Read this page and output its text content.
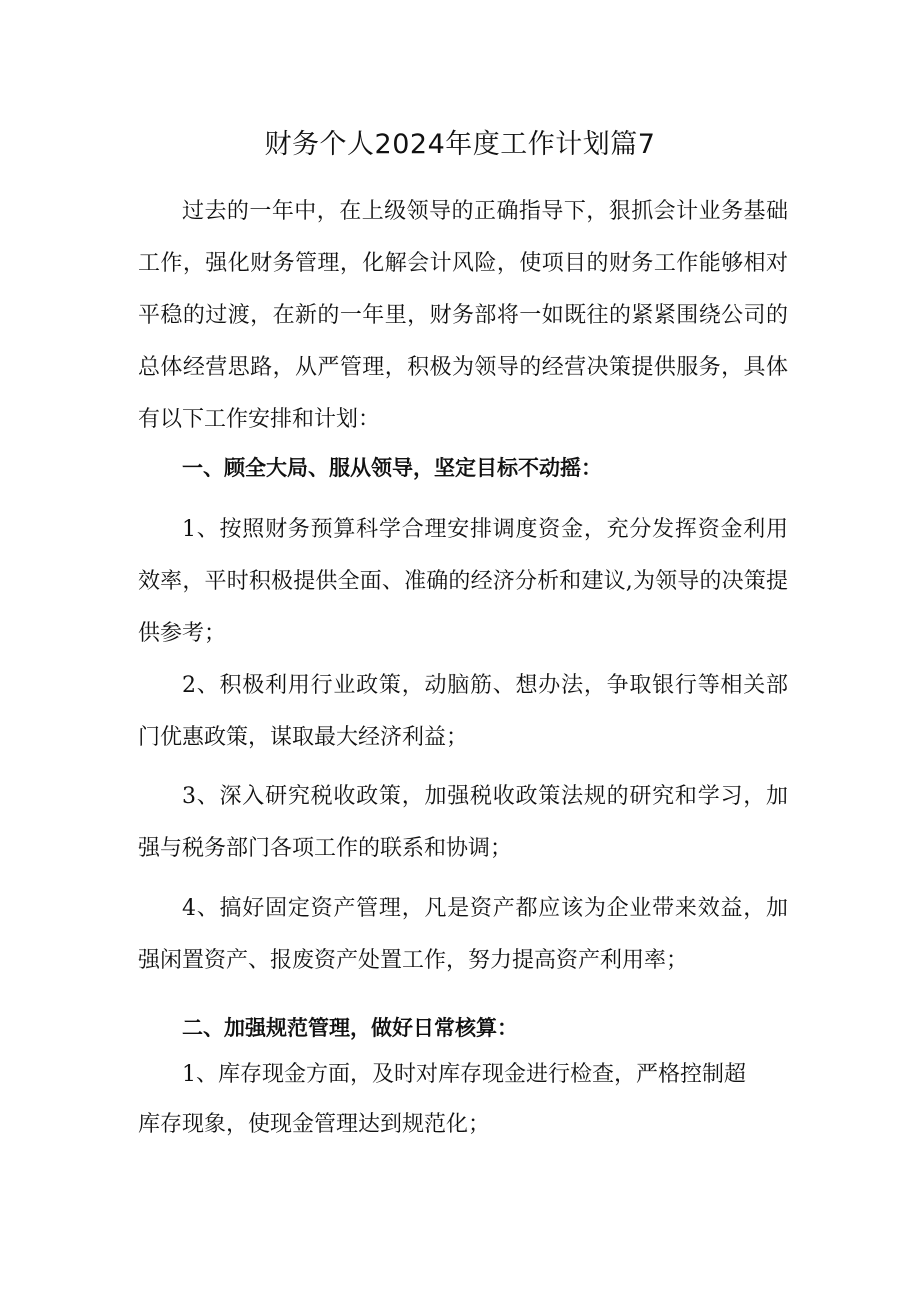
财务个人2024年度工作计划篇7

过去的一年中，在上级领导的正确指导下，狠抓会计业务基础工作，强化财务管理，化解会计风险，使项目的财务工作能够相对平稳的过渡，在新的一年里，财务部将一如既往的紧紧围绕公司的总体经营思路，从严管理，积极为领导的经营决策提供服务，具体有以下工作安排和计划：

一、顾全大局、服从领导，坚定目标不动摇：

1、按照财务预算科学合理安排调度资金，充分发挥资金利用效率，平时积极提供全面、准确的经济分析和建议,为领导的决策提供参考；

2、积极利用行业政策，动脑筋、想办法，争取银行等相关部门优惠政策，谋取最大经济利益；

3、深入研究税收政策，加强税收政策法规的研究和学习，加强与税务部门各项工作的联系和协调；

4、搞好固定资产管理，凡是资产都应该为企业带来效益，加强闲置资产、报废资产处置工作，努力提高资产利用率；

二、加强规范管理，做好日常核算：

1、库存现金方面，及时对库存现金进行检查，严格控制超库存现象，使现金管理达到规范化；
